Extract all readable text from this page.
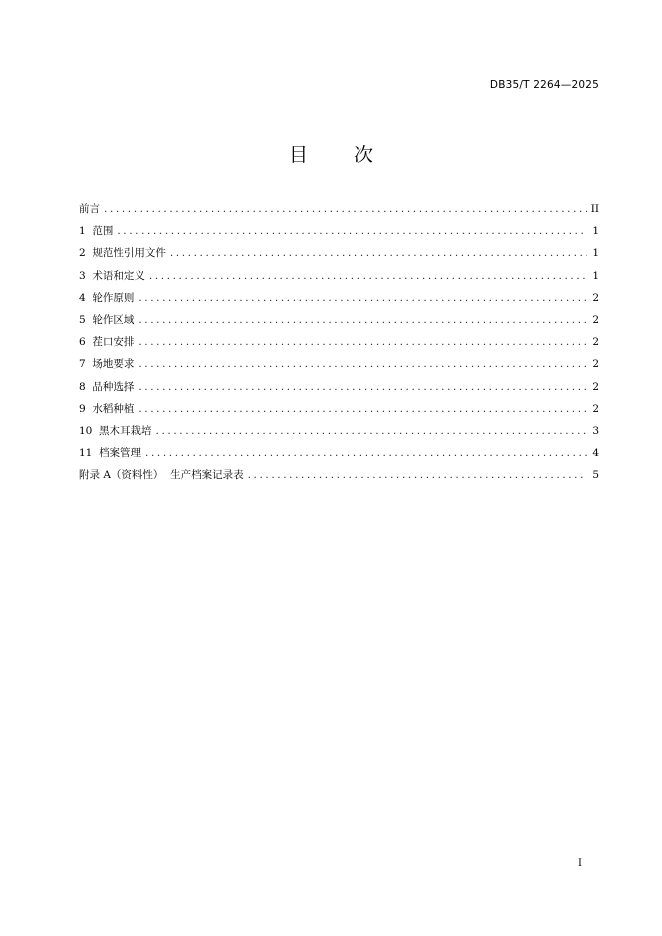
DB35/T 2264—2025
目 次
前言 .....	II
1  范围 .....	1
2  规范性引用文件 .....	1
3  术语和定义 .....	1
4  轮作原则 .....	2
5  轮作区域 .....	2
6  茬口安排 .....	2
7  场地要求 .....	2
8  品种选择 .....	2
9  水稻种植 .....	2
10  黑木耳栽培 .....	3
11  档案管理 .....	4
附录 A（资料性）  生产档案记录表 .....	5
I
